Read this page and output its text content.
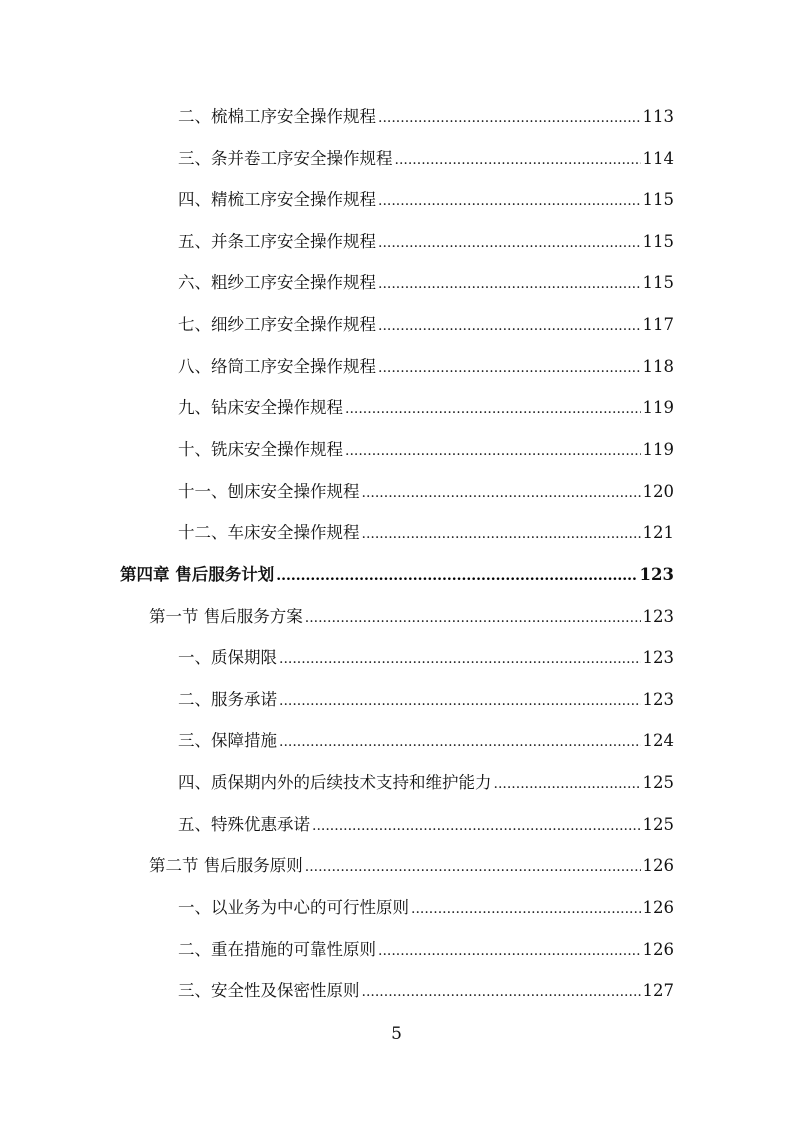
二、梳棉工序安全操作规程 .....	113
三、条并卷工序安全操作规程 .....	114
四、精梳工序安全操作规程 .....	115
五、并条工序安全操作规程 .....	115
六、粗纱工序安全操作规程 .....	115
七、细纱工序安全操作规程 .....	117
八、络筒工序安全操作规程 .....	118
九、钻床安全操作规程 .....	119
十、铣床安全操作规程 .....	119
十一、刨床安全操作规程 .....	120
十二、车床安全操作规程 .....	121
第四章 售后服务计划 .....	123
第一节 售后服务方案 .....	123
一、质保期限 .....	123
二、服务承诺 .....	123
三、保障措施 .....	124
四、质保期内外的后续技术支持和维护能力 .....	125
五、特殊优惠承诺 .....	125
第二节 售后服务原则 .....	126
一、以业务为中心的可行性原则 .....	126
二、重在措施的可靠性原则 .....	126
三、安全性及保密性原则 .....	127
5
